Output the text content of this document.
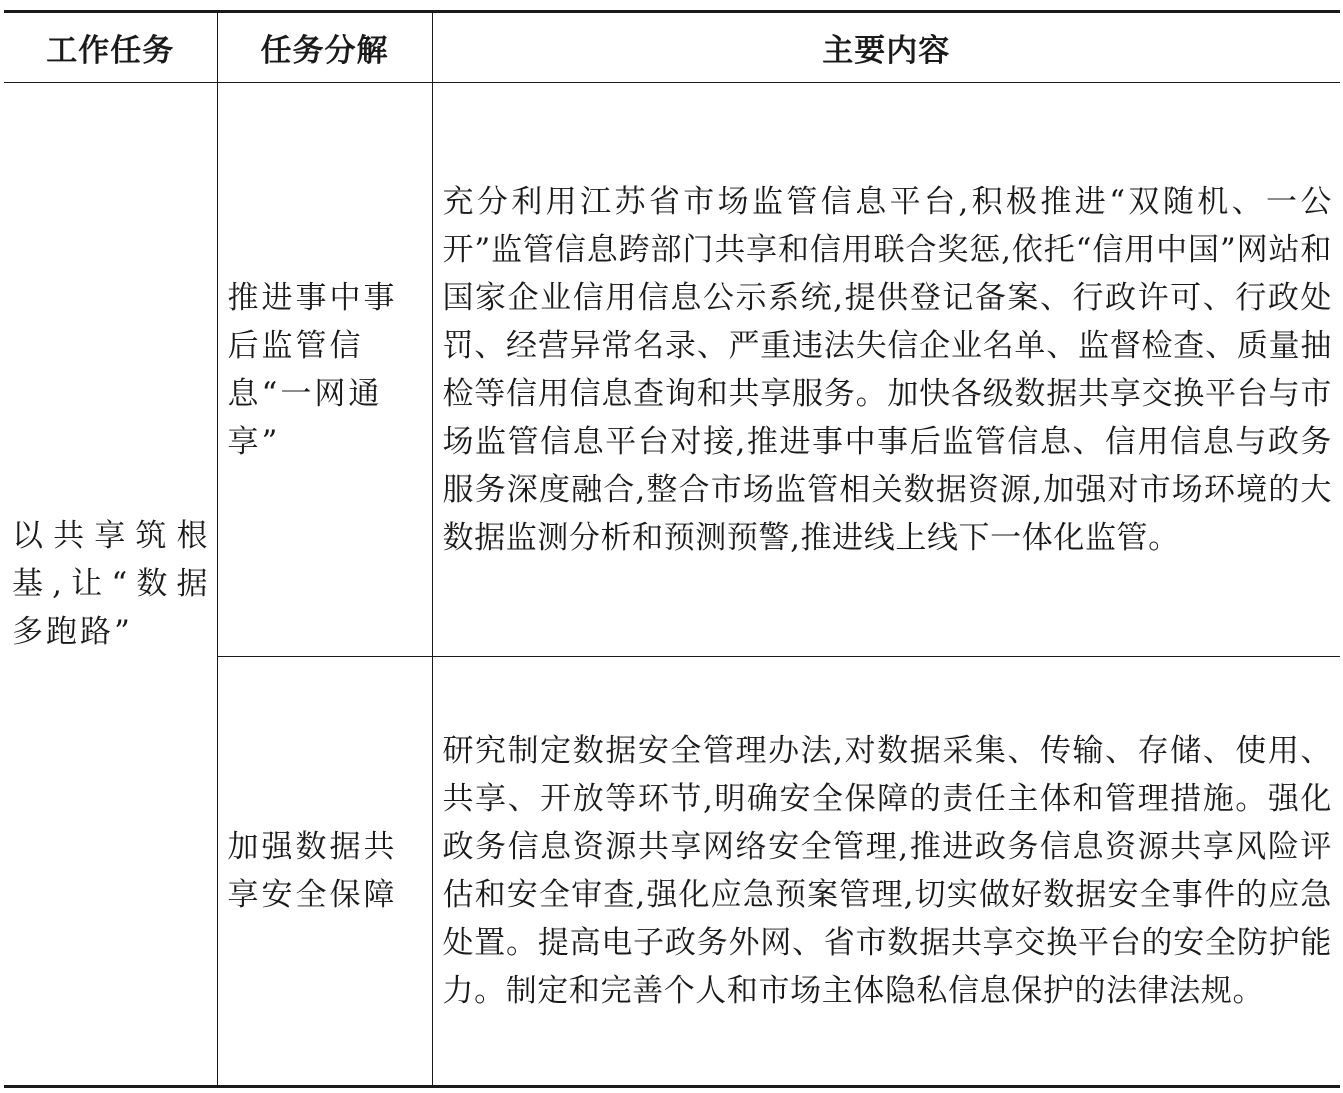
工作任务	任务分解	主要内容
以共享筑根基,让“数据多跑路”	推进事中事后监管信息“一网通享”	充分利用江苏省市场监管信息平台,积极推进“双随机、一公开”监管信息跨部门共享和信用联合奖惩,依托“信用中国”网站和国家企业信用信息公示系统,提供登记备案、行政许可、行政处罚、经营异常名录、严重违法失信企业名单、监督检查、质量抽检等信用信息查询和共享服务。加快各级数据共享交换平台与市场监管信息平台对接,推进事中事后监管信息、信用信息与政务服务深度融合,整合市场监管相关数据资源,加强对市场环境的大数据监测分析和预测预警,推进线上线下一体化监管。
	加强数据共享安全保障	研究制定数据安全管理办法,对数据采集、传输、存储、使用、共享、开放等环节,明确安全保障的责任主体和管理措施。强化政务信息资源共享网络安全管理,推进政务信息资源共享风险评估和安全审查,强化应急预案管理,切实做好数据安全事件的应急处置。提高电子政务外网、省市数据共享交换平台的安全防护能力。制定和完善个人和市场主体隐私信息保护的法律法规。
